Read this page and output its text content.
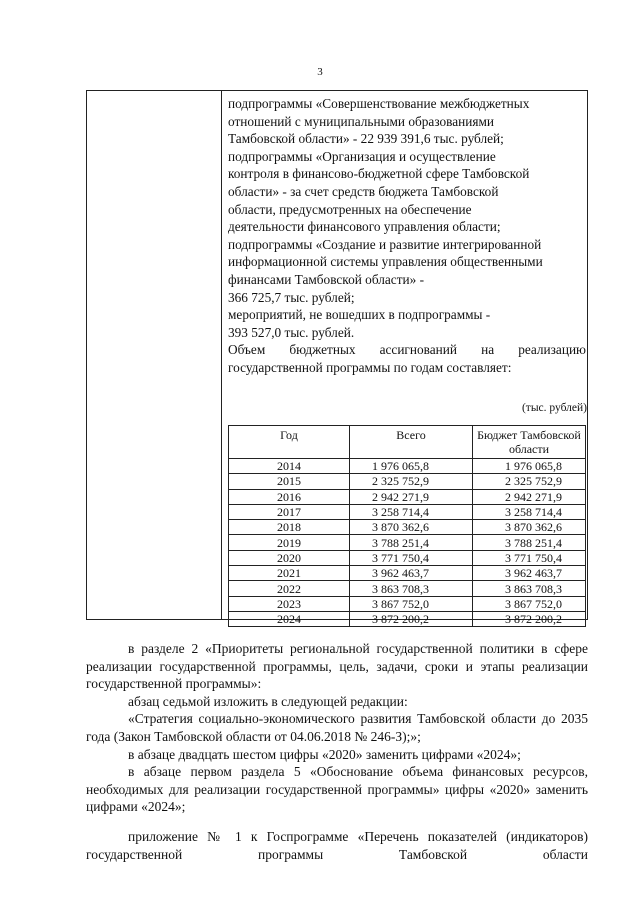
3

подпрограммы «Совершенствование межбюджетных

отношений с муниципальными образованиями

Тамбовской области» - 22 939 391,6 тыс. рублей;

подпрограммы «Организация и осуществление

контроля в финансово-бюджетной сфере Тамбовской

области» - за счет средств бюджета Тамбовской

области, предусмотренных на обеспечение

деятельности финансового управления области;

подпрограммы «Создание и развитие интегрированной

информационной системы управления общественными

финансами Тамбовской области» -

366 725,7 тыс. рублей;

мероприятий, не вошедших в подпрограммы -

393 527,0 тыс. рублей.

Объем бюджетных ассигнований на реализацию

государственной программы по годам составляет:

(тыс. рублей)
Год	Всего	Бюджет Тамбовской области
2014	1 976 065,8	1 976 065,8
2015	2 325 752,9	2 325 752,9
2016	2 942 271,9	2 942 271,9
2017	3 258 714,4	3 258 714,4
2018	3 870 362,6	3 870 362,6
2019	3 788 251,4	3 788 251,4
2020	3 771 750,4	3 771 750,4
2021	3 962 463,7	3 962 463,7
2022	3 863 708,3	3 863 708,3
2023	3 867 752,0	3 867 752,0
2024	3 872 200,2	3 872 200,2

в разделе 2 «Приоритеты региональной государственной политики в сфере реализации государственной программы, цель, задачи, сроки и этапы реализации государственной программы»:

абзац седьмой изложить в следующей редакции:

«Стратегия социально-экономического развития Тамбовской области до 2035 года (Закон Тамбовской области от 04.06.2018 № 246-З);»;

в абзаце двадцать шестом цифры «2020» заменить цифрами «2024»;

в абзаце первом раздела 5 «Обоснование объема финансовых ресурсов, необходимых для реализации государственной программы» цифры «2020» заменить цифрами «2024»;

приложение № 1 к Госпрограмме «Перечень показателей (индикаторов) государственной программы Тамбовской области
